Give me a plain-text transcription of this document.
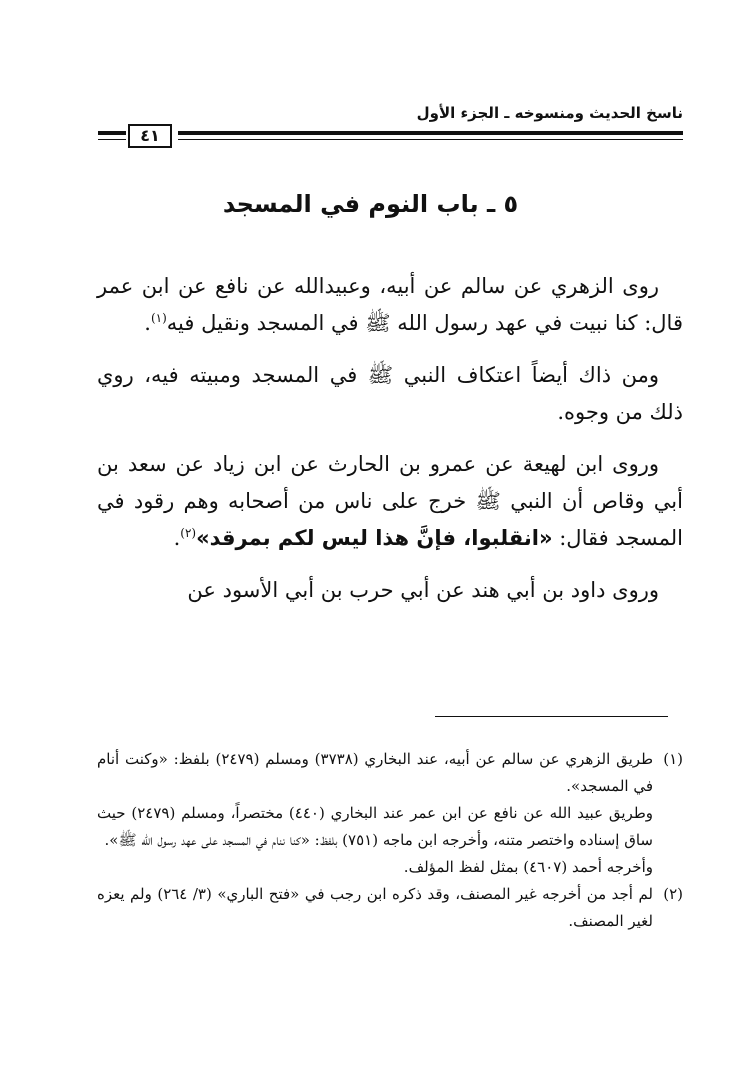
ناسخ الحديث ومنسوخه ـ الجزء الأول
٤١
٥ ـ باب النوم في المسجد

روى الزهري عن سالم عن أبيه، وعبيدالله عن نافع عن ابن عمر قال: كنا نبيت في عهد رسول الله ﷺ في المسجد ونقيل فيه$^{(١)}$.

ومن ذاك أيضاً اعتكاف النبي ﷺ في المسجد ومبيته فيه، روي ذلك من وجوه.

وروى ابن لهيعة عن عمرو بن الحارث عن ابن زياد عن سعد بن أبي وقاص أن النبي ﷺ خرج على ناس من أصحابه وهم رقود في المسجد فقال: «انقلبوا، فإنَّ هذا ليس لكم بمرقد»$^{(٢)}$.

وروى داود بن أبي هند عن أبي حرب بن أبي الأسود عن

(١)
طريق الزهري عن سالم عن أبيه، عند البخاري (٣٧٣٨) ومسلم (٢٤٧٩) بلفظ: «وكنت أنام في المسجد».
وطريق عبيد الله عن نافع عن ابن عمر عند البخاري (٤٤٠) مختصراً، ومسلم (٢٤٧٩) حيث ساق إسناده واختصر متنه، وأخرجه ابن ماجه (٧٥١) بلفظ: «كنا ننام في المسجد على عهد رسول الله ﷺ».
وأخرجه أحمد (٤٦٠٧) بمثل لفظ المؤلف.
(٢)
لم أجد من أخرجه غير المصنف، وقد ذكره ابن رجب في «فتح الباري» (٣/ ٢٦٤) ولم يعزه لغير المصنف.
